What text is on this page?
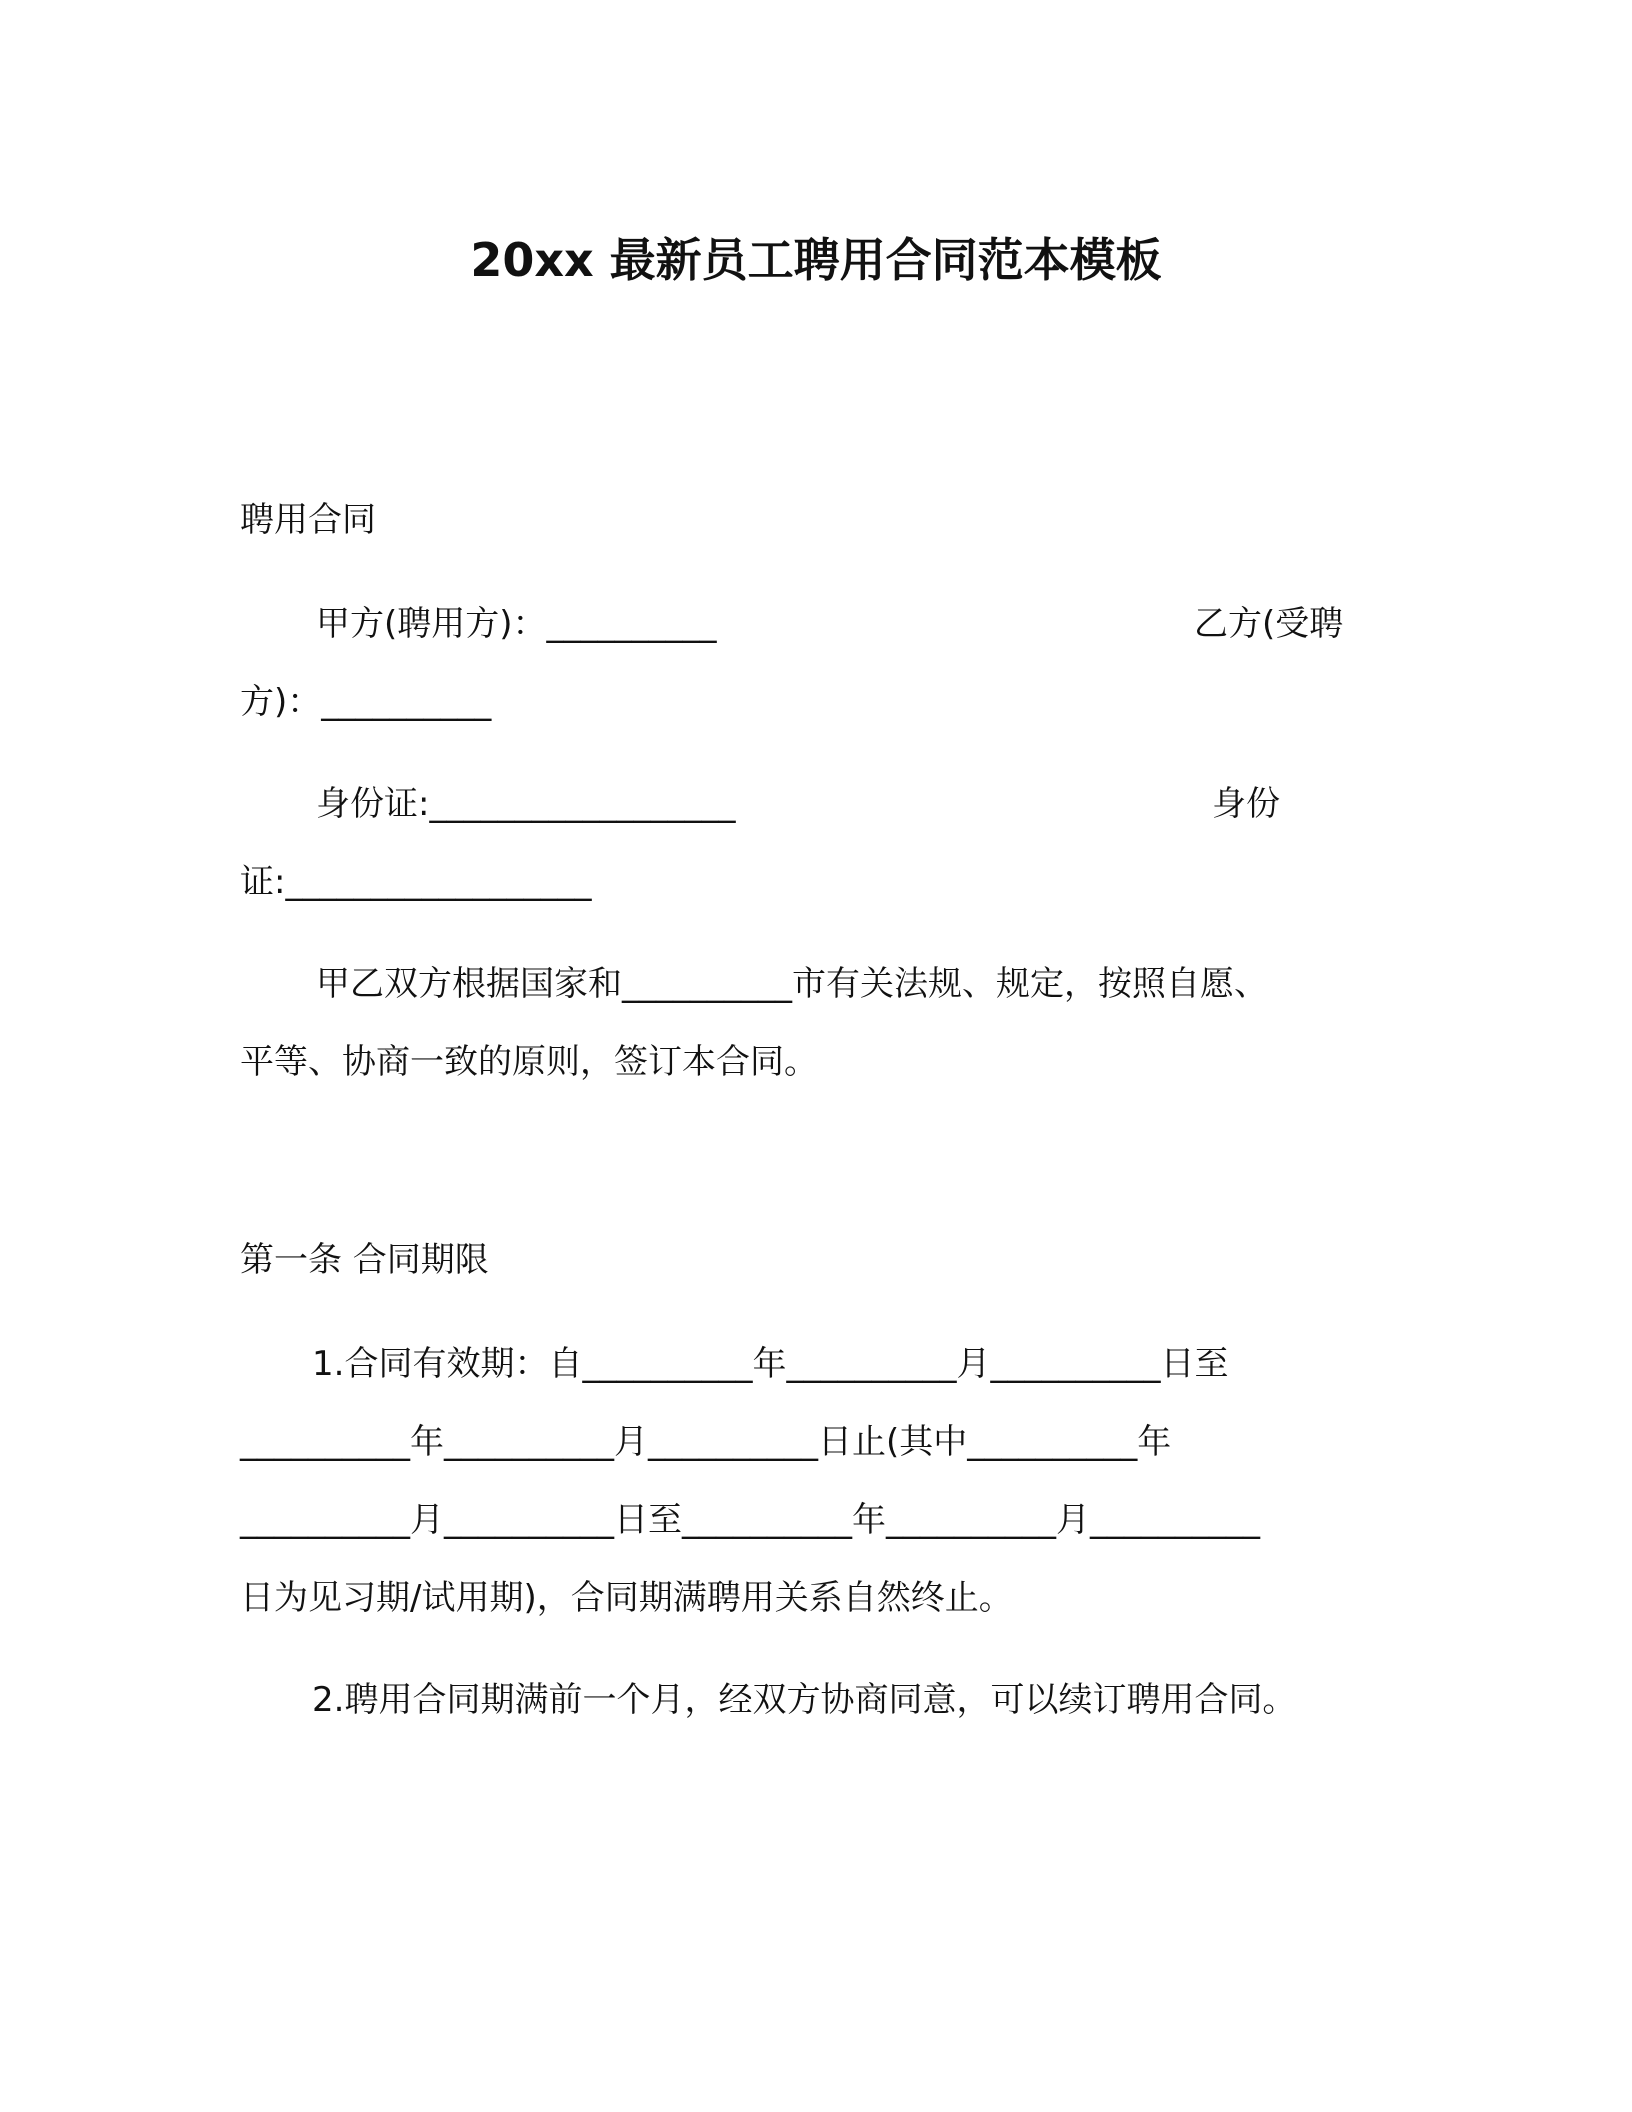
20xx 最新员工聘用合同范本模板

聘用合同

甲方(聘用方)：__________	乙方(受聘

方)：__________

身份证:__________________	身份

证:__________________

甲乙双方根据国家和__________市有关法规、规定，按照自愿、

平等、协商一致的原则，签订本合同。

第一条 合同期限

1.合同有效期：自__________年__________月__________日至

__________年__________月__________日止(其中__________年

__________月__________日至__________年__________月__________

日为见习期/试用期)，合同期满聘用关系自然终止。

2.聘用合同期满前一个月，经双方协商同意，可以续订聘用合同。
